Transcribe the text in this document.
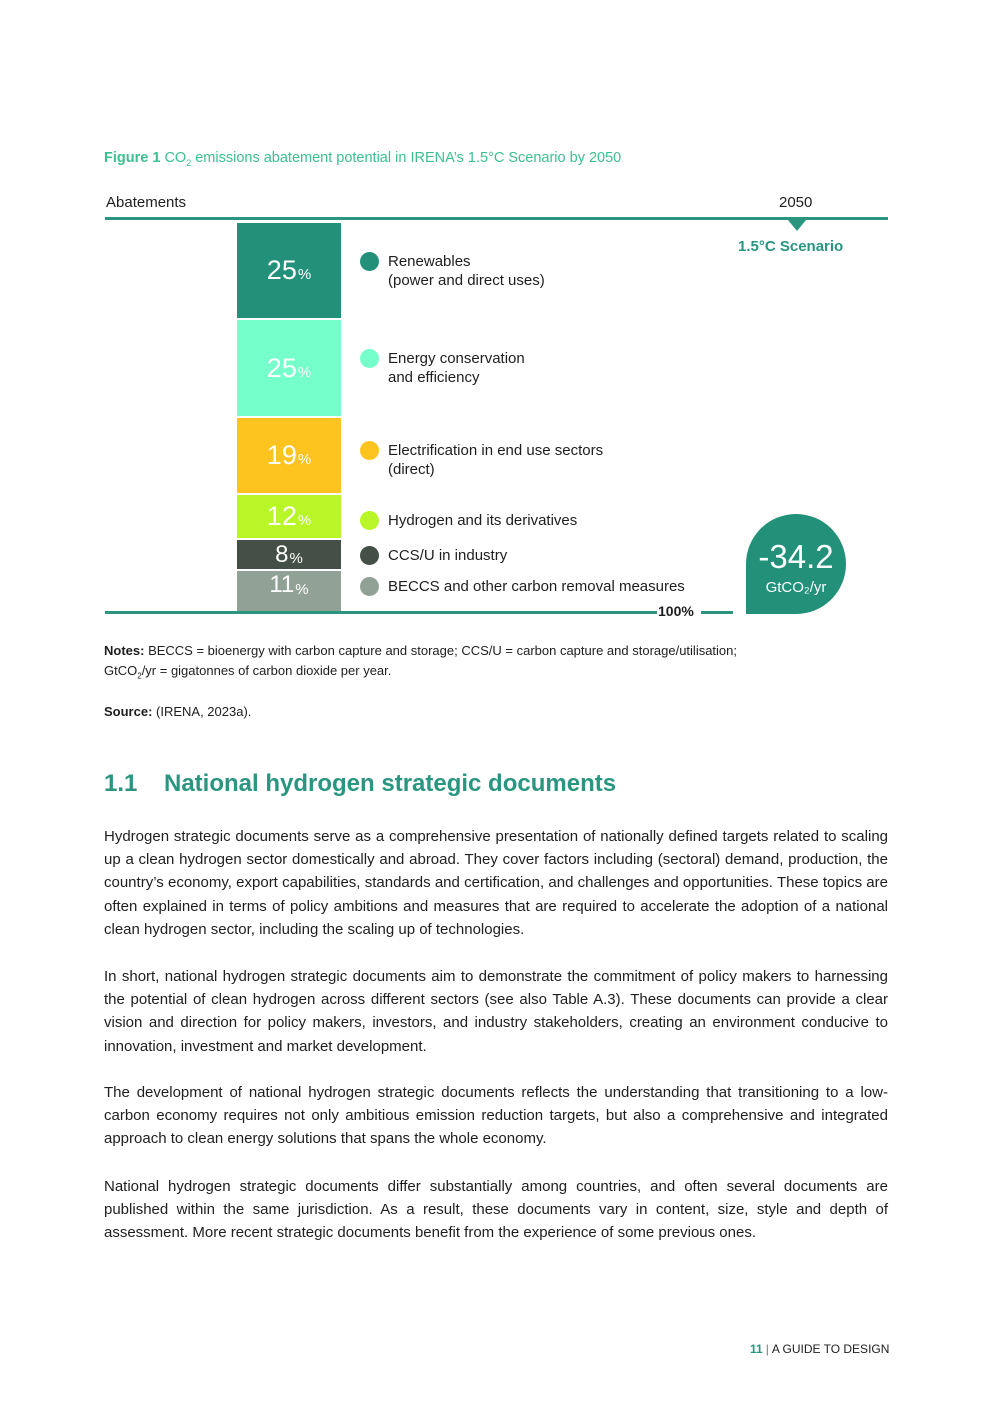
Figure 1 $CO_2$ emissions abatement potential in IRENA’s 1.5°C Scenario by 2050
Abatements	2050
1.5°C Scenario
25 %
25 %
19 %
12 %
8 %
11 %
Renewables
(power and direct uses)
Energy conservation
and efficiency
Electrification in end use sectors
(direct)
Hydrogen and its derivatives
CCS/U in industry
BECCS and other carbon removal measures
100%
-34.2
GtCO₂/yr
Notes: BECCS = bioenergy with carbon capture and storage; CCS/U = carbon capture and storage/utilisation;
GtCO$_2$/yr = gigatonnes of carbon dioxide per year.
Source: (IRENA, 2023a).
1.1 National hydrogen strategic documents
Hydrogen strategic documents serve as a comprehensive presentation of nationally defined targets related to scaling up a clean hydrogen sector domestically and abroad. They cover factors including (sectoral) demand, production, the country’s economy, export capabilities, standards and certification, and challenges and opportunities. These topics are often explained in terms of policy ambitions and measures that are required to accelerate the adoption of a national clean hydrogen sector, including the scaling up of technologies.
In short, national hydrogen strategic documents aim to demonstrate the commitment of policy makers to harnessing the potential of clean hydrogen across different sectors (see also Table A.3). These documents can provide a clear vision and direction for policy makers, investors, and industry stakeholders, creating an environment conducive to innovation, investment and market development.
The development of national hydrogen strategic documents reflects the understanding that transitioning to a low-carbon economy requires not only ambitious emission reduction targets, but also a comprehensive and integrated approach to clean energy solutions that spans the whole economy.
National hydrogen strategic documents differ substantially among countries, and often several documents are published within the same jurisdiction. As a result, these documents vary in content, size, style and depth of assessment. More recent strategic documents benefit from the experience of some previous ones.
11 | A GUIDE TO DESIGN
